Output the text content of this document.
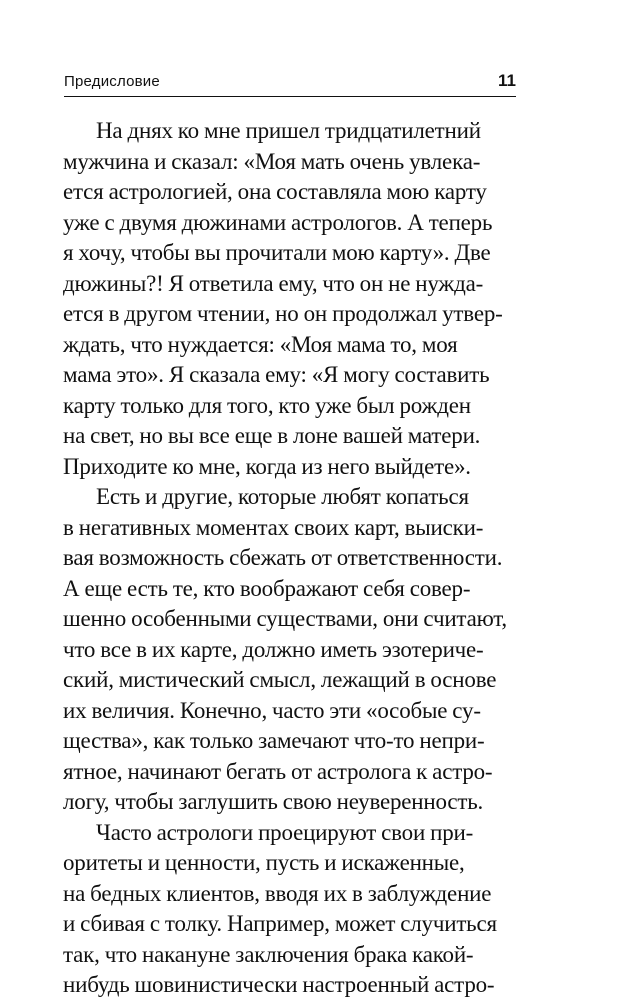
Предисловие	11
На днях ко мне пришел тридцатилетний
мужчина и сказал: «Моя мать очень увлека-
ется астрологией, она составляла мою карту
уже с двумя дюжинами астрологов. А теперь
я хочу, чтобы вы прочитали мою карту». Две
дюжины?! Я ответила ему, что он не нужда-
ется в другом чтении, но он продолжал утвер-
ждать, что нуждается: «Моя мама то, моя
мама это». Я сказала ему: «Я могу составить
карту только для того, кто уже был рожден
на свет, но вы все еще в лоне вашей матери.
Приходите ко мне, когда из него выйдете».
Есть и другие, которые любят копаться
в негативных моментах своих карт, выиски-
вая возможность сбежать от ответственности.
А еще есть те, кто воображают себя совер-
шенно особенными существами, они считают,
что все в их карте, должно иметь эзотериче-
ский, мистический смысл, лежащий в основе
их величия. Конечно, часто эти «особые су-
щества», как только замечают что-то непри-
ятное, начинают бегать от астролога к астро-
логу, чтобы заглушить свою неуверенность.
Часто астрологи проецируют свои при-
оритеты и ценности, пусть и искаженные,
на бедных клиентов, вводя их в заблуждение
и сбивая с толку. Например, может случиться
так, что накануне заключения брака какой-
нибудь шовинистически настроенный астро-
